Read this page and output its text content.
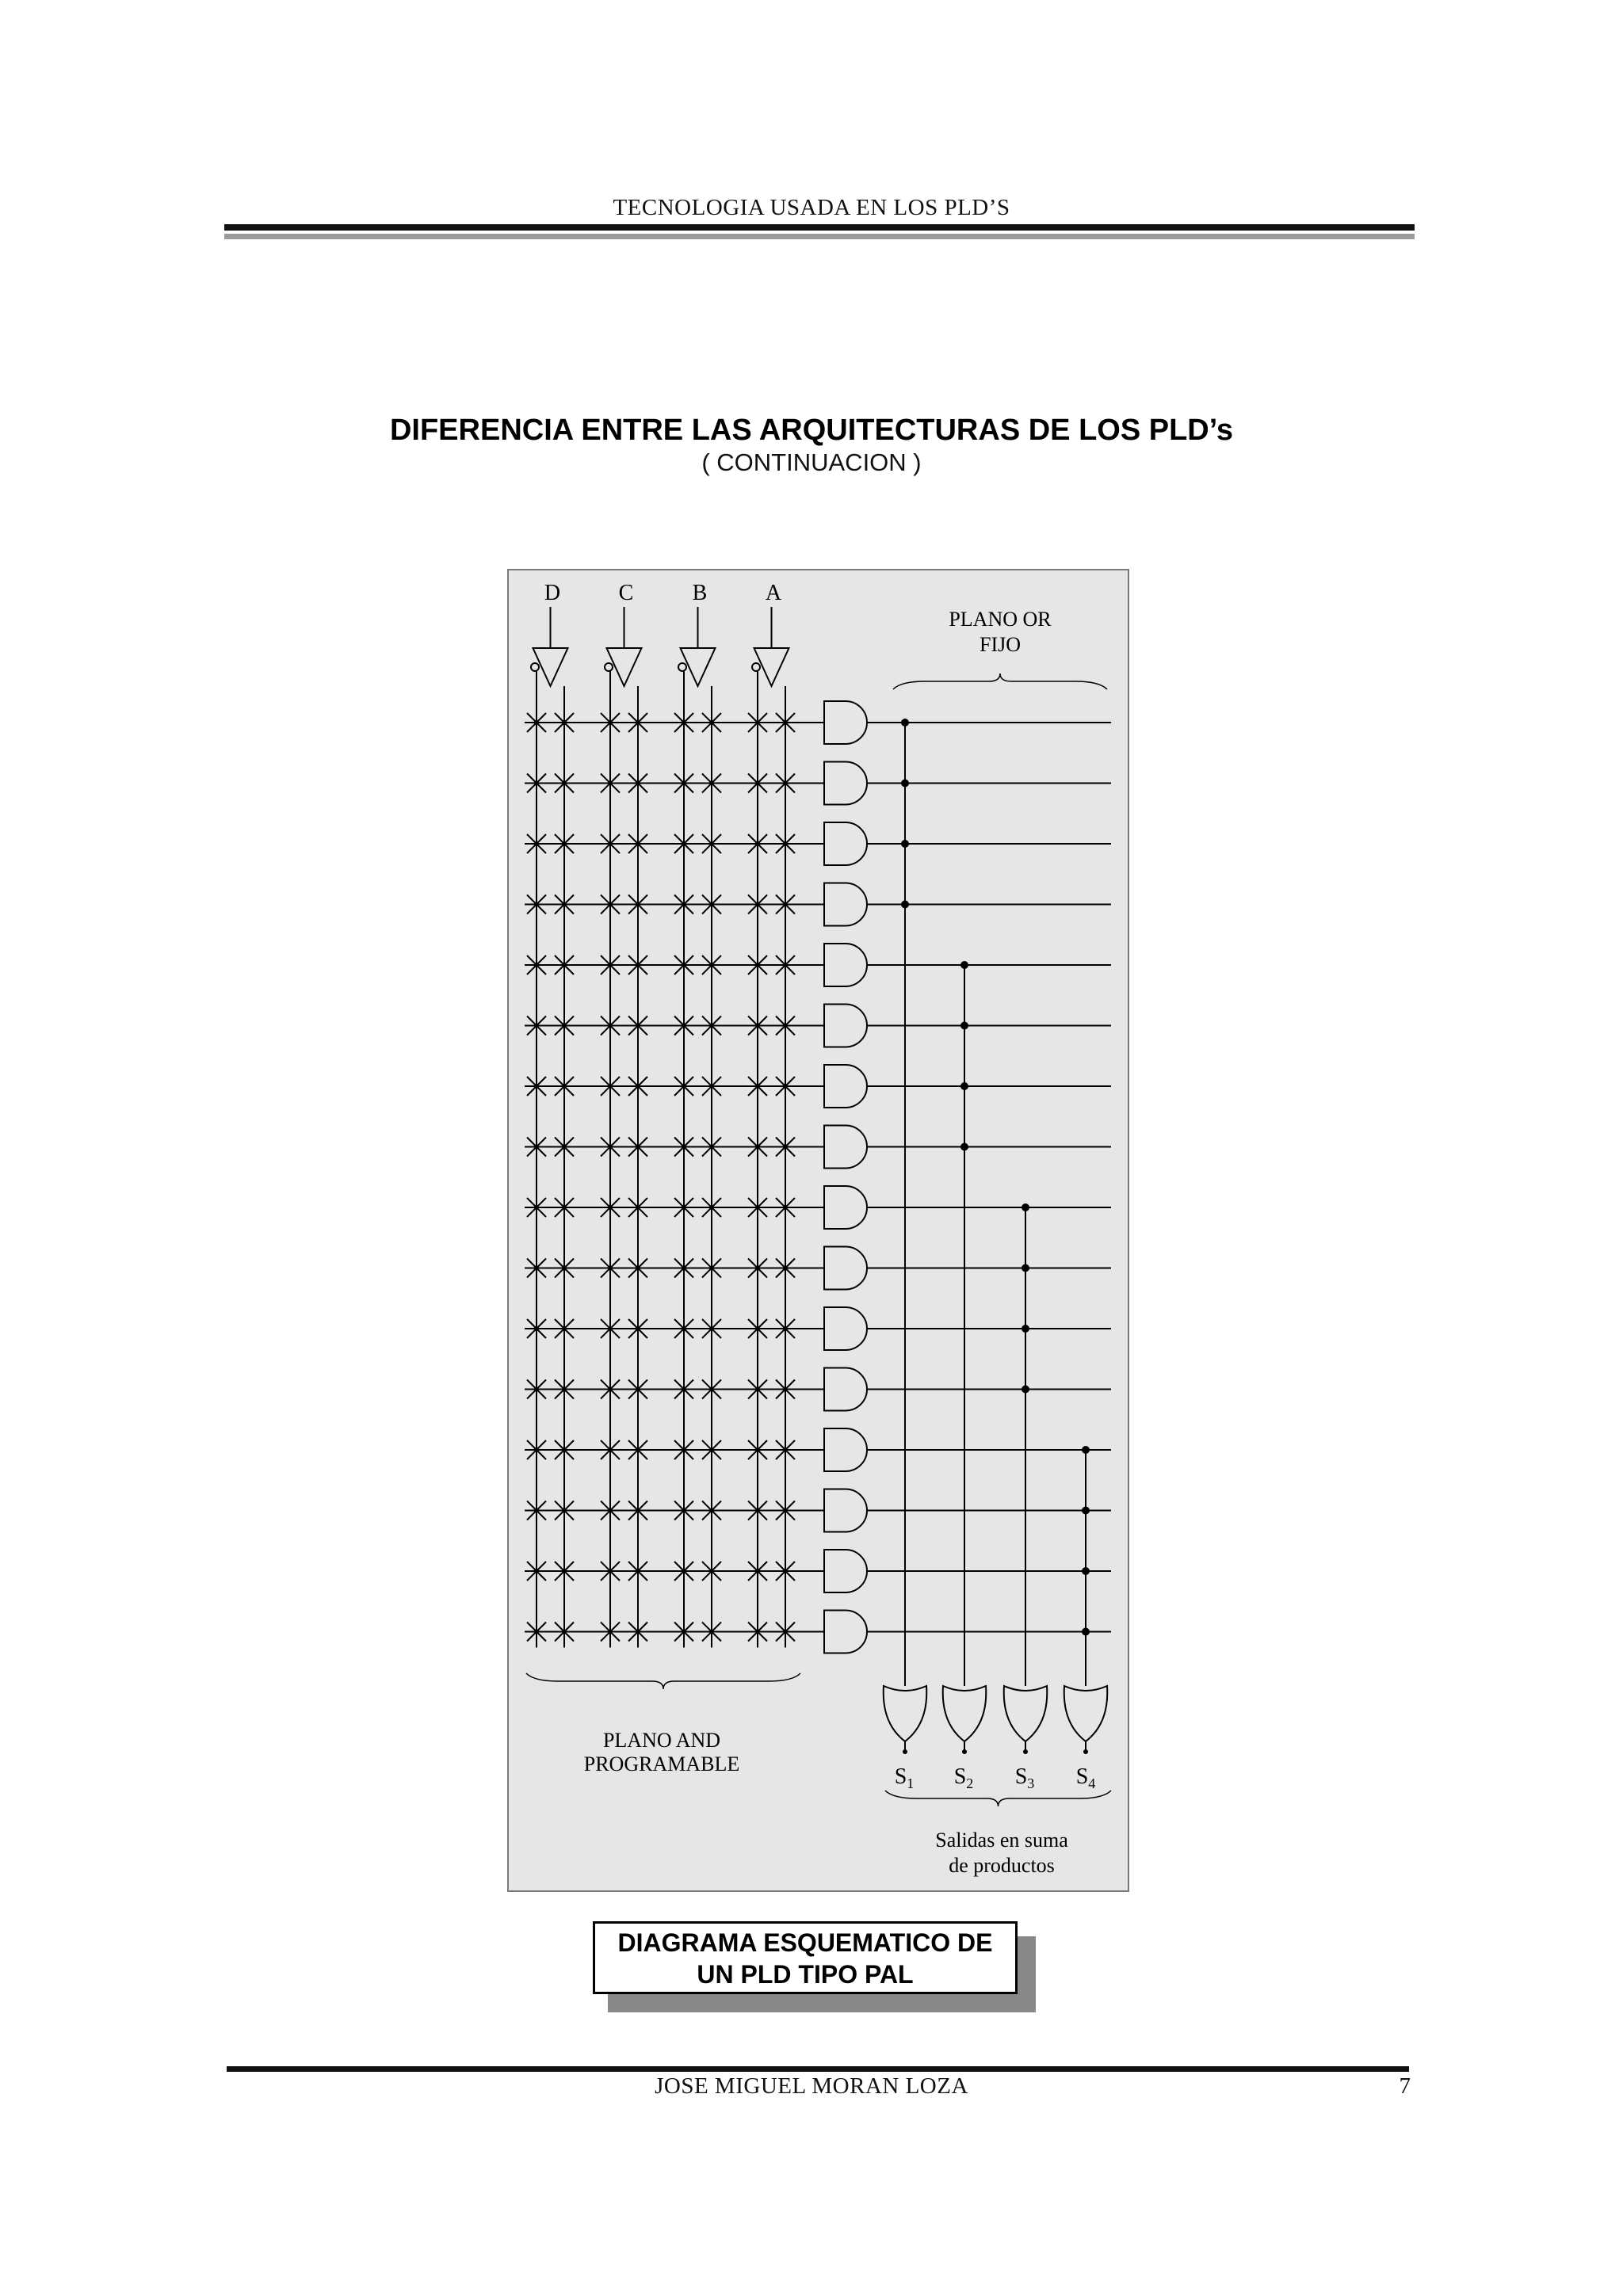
TECNOLOGIA USADA EN LOS PLD’S
DIFERENCIA ENTRE LAS ARQUITECTURAS DE LOS PLD’s
( CONTINUACION )
D	C	B	A
PLANO OR
FIJO
PLANO AND
PROGRAMABLE
$S_1$ $S_2$ $S_3$ $S_4$
Salidas en suma
de productos
DIAGRAMA ESQUEMATICO DE
UN PLD TIPO PAL
JOSE MIGUEL MORAN LOZA	7
